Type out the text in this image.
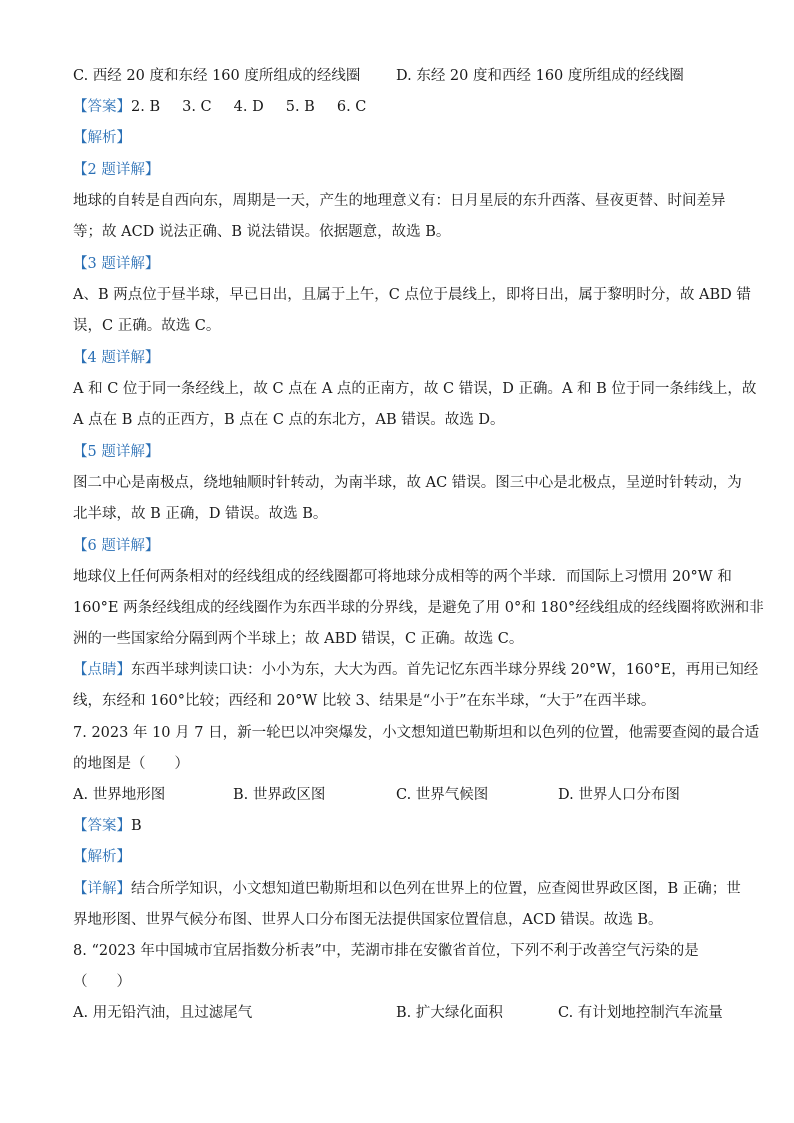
C. 西经 20 度和东经 160 度所组成的经线圈 D. 东经 20 度和西经 160 度所组成的经线圈
【答案】2. B 3. C 4. D 5. B 6. C
【解析】
【2 题详解】
地球的自转是自西向东，周期是一天，产生的地理意义有：日月星辰的东升西落、昼夜更替、时间差异
等；故 ACD 说法正确、B 说法错误。依据题意，故选 B。
【3 题详解】
A、B 两点位于昼半球，早已日出，且属于上午，C 点位于晨线上，即将日出，属于黎明时分，故 ABD 错
误，C 正确。故选 C。
【4 题详解】
A 和 C 位于同一条经线上，故 C 点在 A 点的正南方，故 C 错误，D 正确。A 和 B 位于同一条纬线上，故
A 点在 B 点的正西方，B 点在 C 点的东北方，AB 错误。故选 D。
【5 题详解】
图二中心是南极点，绕地轴顺时针转动，为南半球，故 AC 错误。图三中心是北极点，呈逆时针转动，为
北半球，故 B 正确，D 错误。故选 B。
【6 题详解】
地球仪上任何两条相对的经线组成的经线圈都可将地球分成相等的两个半球．而国际上习惯用 20°W 和
160°E 两条经线组成的经线圈作为东西半球的分界线，是避免了用 0°和 180°经线组成的经线圈将欧洲和非
洲的一些国家给分隔到两个半球上；故 ABD 错误，C 正确。故选 C。
【点睛】东西半球判读口诀：小小为东，大大为西。首先记忆东西半球分界线 20°W，160°E，再用已知经
线，东经和 160°比较；西经和 20°W 比较 3、结果是“小于”在东半球，“大于”在西半球。
7. 2023 年 10 月 7 日，新一轮巴以冲突爆发，小文想知道巴勒斯坦和以色列的位置，他需要查阅的最合适
的地图是（　　）
A. 世界地形图	B. 世界政区图	C. 世界气候图	D. 世界人口分布图
【答案】B
【解析】
【详解】结合所学知识，小文想知道巴勒斯坦和以色列在世界上的位置，应查阅世界政区图，B 正确；世
界地形图、世界气候分布图、世界人口分布图无法提供国家位置信息，ACD 错误。故选 B。
8. “2023 年中国城市宜居指数分析表”中，芜湖市排在安徽省首位，下列不利于改善空气污染的是
（　　）
A. 用无铅汽油，且过滤尾气	B. 扩大绿化面积	C. 有计划地控制汽车流量
